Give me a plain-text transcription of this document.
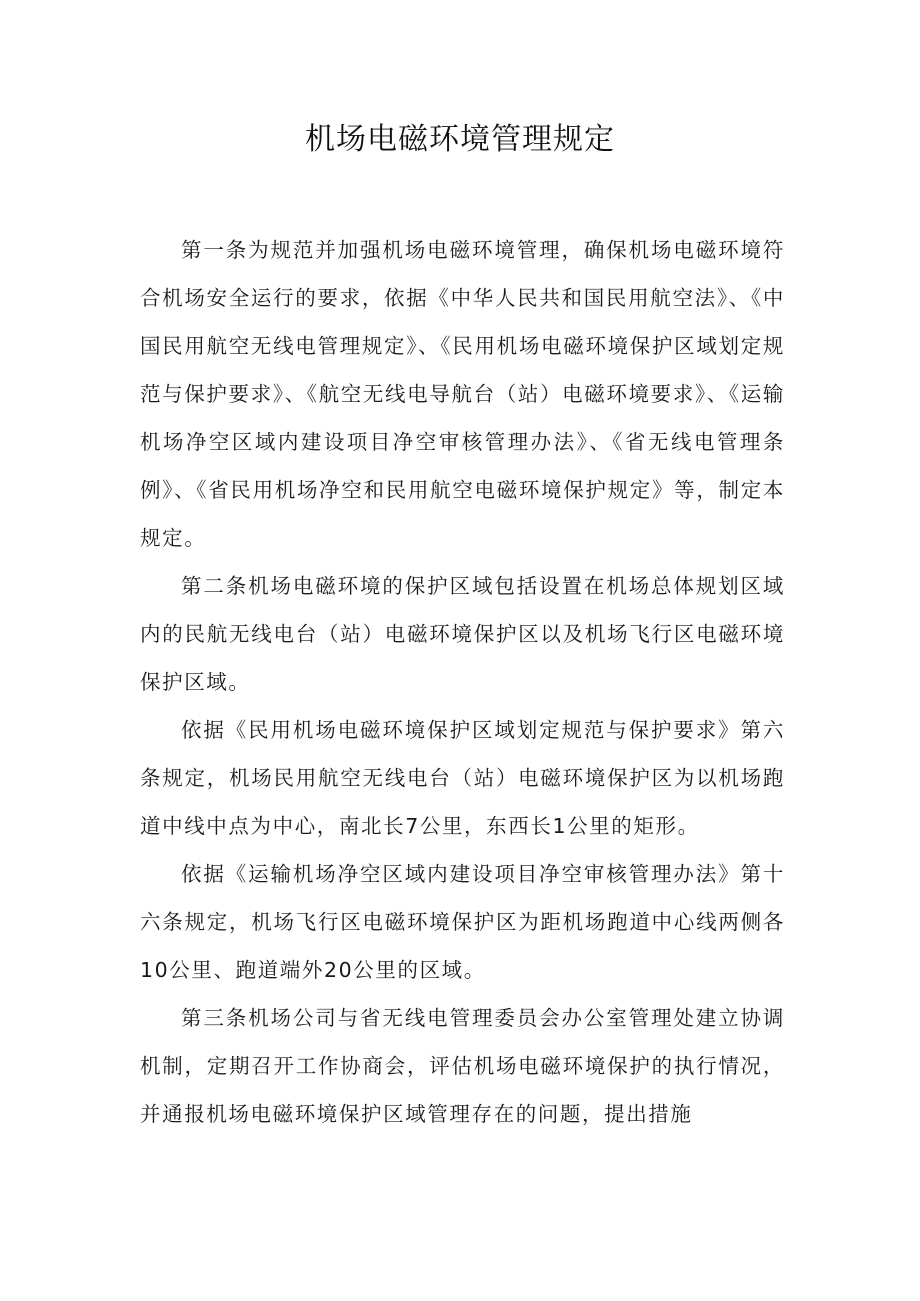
机场电磁环境管理规定

第一条为规范并加强机场电磁环境管理，确保机场电磁环境符合机场安全运行的要求，依据《中华人民共和国民用航空法》、《中国民用航空无线电管理规定》、《民用机场电磁环境保护区域划定规范与保护要求》、《航空无线电导航台（站）电磁环境要求》、《运输机场净空区域内建设项目净空审核管理办法》、《省无线电管理条例》、《省民用机场净空和民用航空电磁环境保护规定》等，制定本规定。

第二条机场电磁环境的保护区域包括设置在机场总体规划区域内的民航无线电台（站）电磁环境保护区以及机场飞行区电磁环境保护区域。

依据《民用机场电磁环境保护区域划定规范与保护要求》第六条规定，机场民用航空无线电台（站）电磁环境保护区为以机场跑道中线中点为中心，南北长7公里，东西长1公里的矩形。

依据《运输机场净空区域内建设项目净空审核管理办法》第十六条规定，机场飞行区电磁环境保护区为距机场跑道中心线两侧各10公里、跑道端外20公里的区域。

第三条机场公司与省无线电管理委员会办公室管理处建立协调机制，定期召开工作协商会，评估机场电磁环境保护的执行情况，并通报机场电磁环境保护区域管理存在的问题，提出措施
